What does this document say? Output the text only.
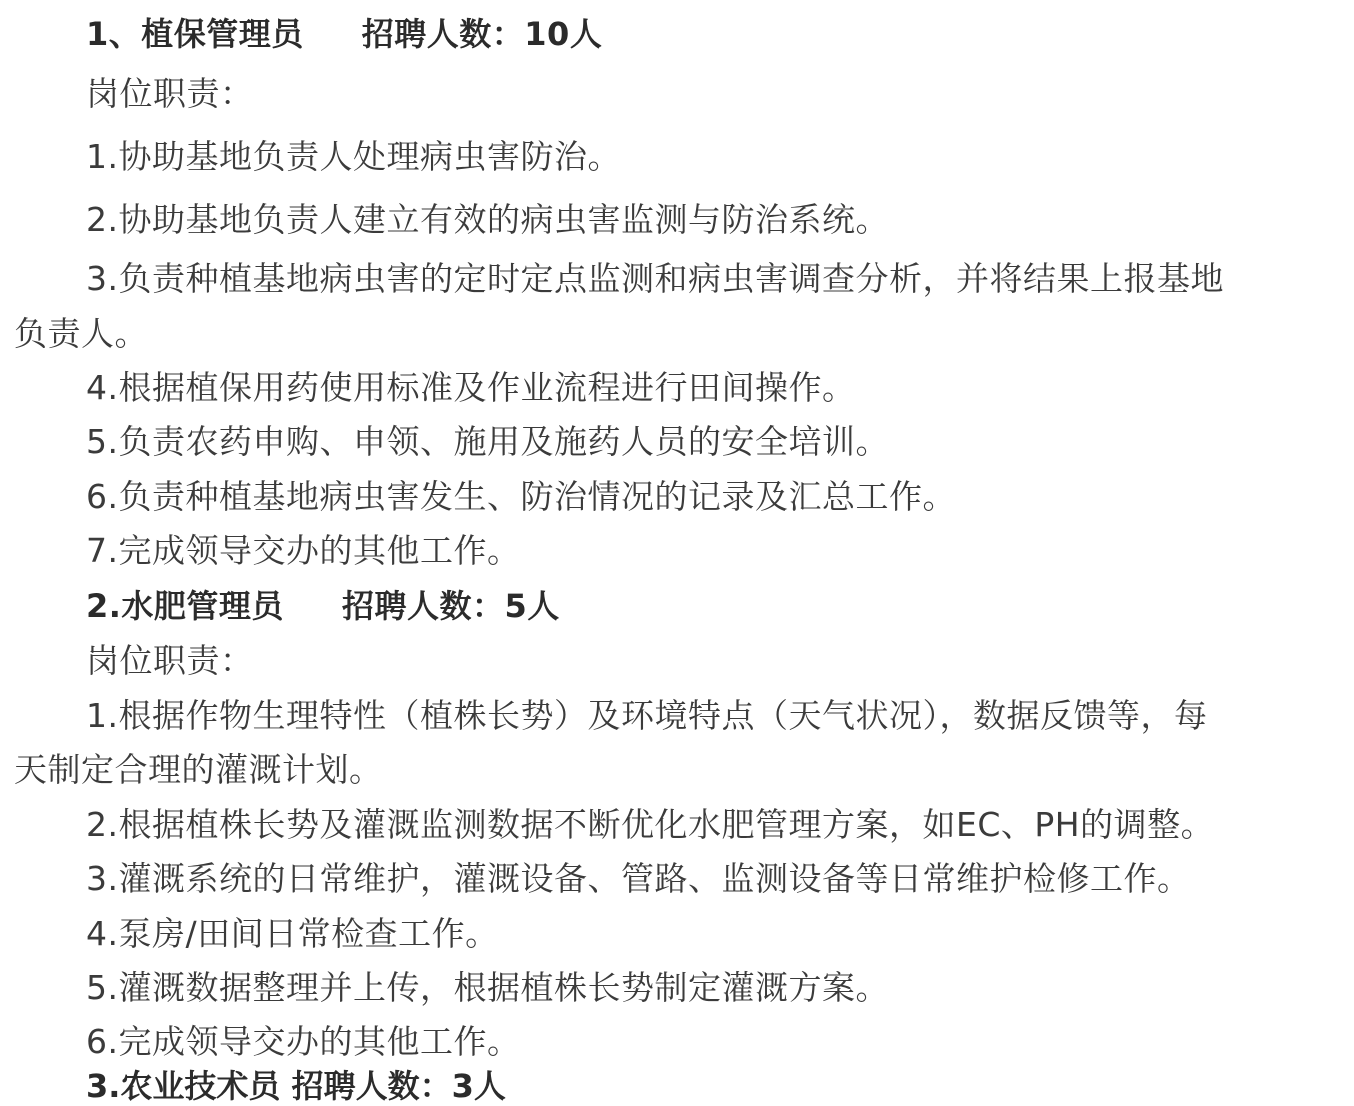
1、植保管理员 招聘人数：10人
岗位职责：
1.协助基地负责人处理病虫害防治。
2.协助基地负责人建立有效的病虫害监测与防治系统。
3.负责种植基地病虫害的定时定点监测和病虫害调查分析，并将结果上报基地
负责人。
4.根据植保用药使用标准及作业流程进行田间操作。
5.负责农药申购、申领、施用及施药人员的安全培训。
6.负责种植基地病虫害发生、防治情况的记录及汇总工作。
7.完成领导交办的其他工作。
2.水肥管理员 招聘人数：5人
岗位职责：
1.根据作物生理特性（植株长势）及环境特点（天气状况），数据反馈等，每
天制定合理的灌溉计划。
2.根据植株长势及灌溉监测数据不断优化水肥管理方案，如EC、PH的调整。
3.灌溉系统的日常维护，灌溉设备、管路、监测设备等日常维护检修工作。
4.泵房/田间日常检查工作。
5.灌溉数据整理并上传，根据植株长势制定灌溉方案。
6.完成领导交办的其他工作。
3.农业技术员 招聘人数：3人
